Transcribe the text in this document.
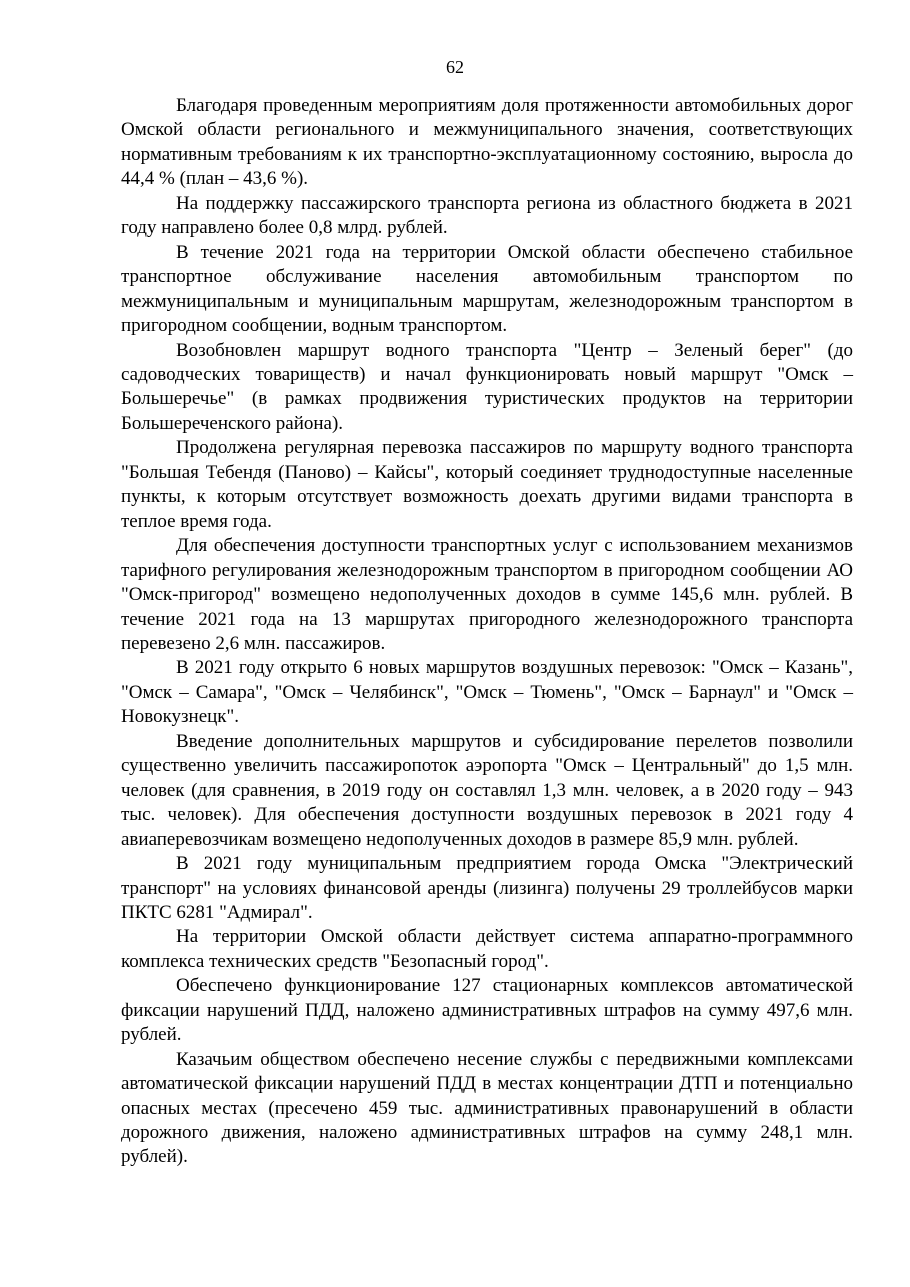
62

Благодаря проведенным мероприятиям доля протяженности автомобильных дорог Омской области регионального и межмуниципального значения, соответствующих нормативным требованиям к их транспортно-эксплуатационному состоянию, выросла до 44,4 % (план – 43,6 %).

На поддержку пассажирского транспорта региона из областного бюджета в 2021 году направлено более 0,8 млрд. рублей.

В течение 2021 года на территории Омской области обеспечено стабильное транспортное обслуживание населения автомобильным транспортом по межмуниципальным и муниципальным маршрутам, железнодорожным транспортом в пригородном сообщении, водным транспортом.

Возобновлен маршрут водного транспорта "Центр – Зеленый берег" (до садоводческих товариществ) и начал функционировать новый маршрут "Омск – Большеречье" (в рамках продвижения туристических продуктов на территории Большереченского района).

Продолжена регулярная перевозка пассажиров по маршруту водного транспорта "Большая Тебендя (Паново) – Кайсы", который соединяет труднодоступные населенные пункты, к которым отсутствует возможность доехать другими видами транспорта в теплое время года.

Для обеспечения доступности транспортных услуг с использованием механизмов тарифного регулирования железнодорожным транспортом в пригородном сообщении АО "Омск-пригород" возмещено недополученных доходов в сумме 145,6 млн. рублей. В течение 2021 года на 13 маршрутах пригородного железнодорожного транспорта перевезено 2,6 млн. пассажиров.

В 2021 году открыто 6 новых маршрутов воздушных перевозок: "Омск – Казань", "Омск – Самара", "Омск – Челябинск", "Омск – Тюмень", "Омск – Барнаул" и "Омск – Новокузнецк".

Введение дополнительных маршрутов и субсидирование перелетов позволили существенно увеличить пассажиропоток аэропорта "Омск – Центральный" до 1,5 млн. человек (для сравнения, в 2019 году он составлял 1,3 млн. человек, а в 2020 году – 943 тыс. человек). Для обеспечения доступности воздушных перевозок в 2021 году 4 авиаперевозчикам возмещено недополученных доходов в размере 85,9 млн. рублей.

В 2021 году муниципальным предприятием города Омска "Электрический транспорт" на условиях финансовой аренды (лизинга) получены 29 троллейбусов марки ПКТС 6281 "Адмирал".

На территории Омской области действует система аппаратно-программного комплекса технических средств "Безопасный город".

Обеспечено функционирование 127 стационарных комплексов автоматической фиксации нарушений ПДД, наложено административных штрафов на сумму 497,6 млн. рублей.

Казачьим обществом обеспечено несение службы с передвижными комплексами автоматической фиксации нарушений ПДД в местах концентрации ДТП и потенциально опасных местах (пресечено 459 тыс. административных правонарушений в области дорожного движения, наложено административных штрафов на сумму 248,1 млн. рублей).
